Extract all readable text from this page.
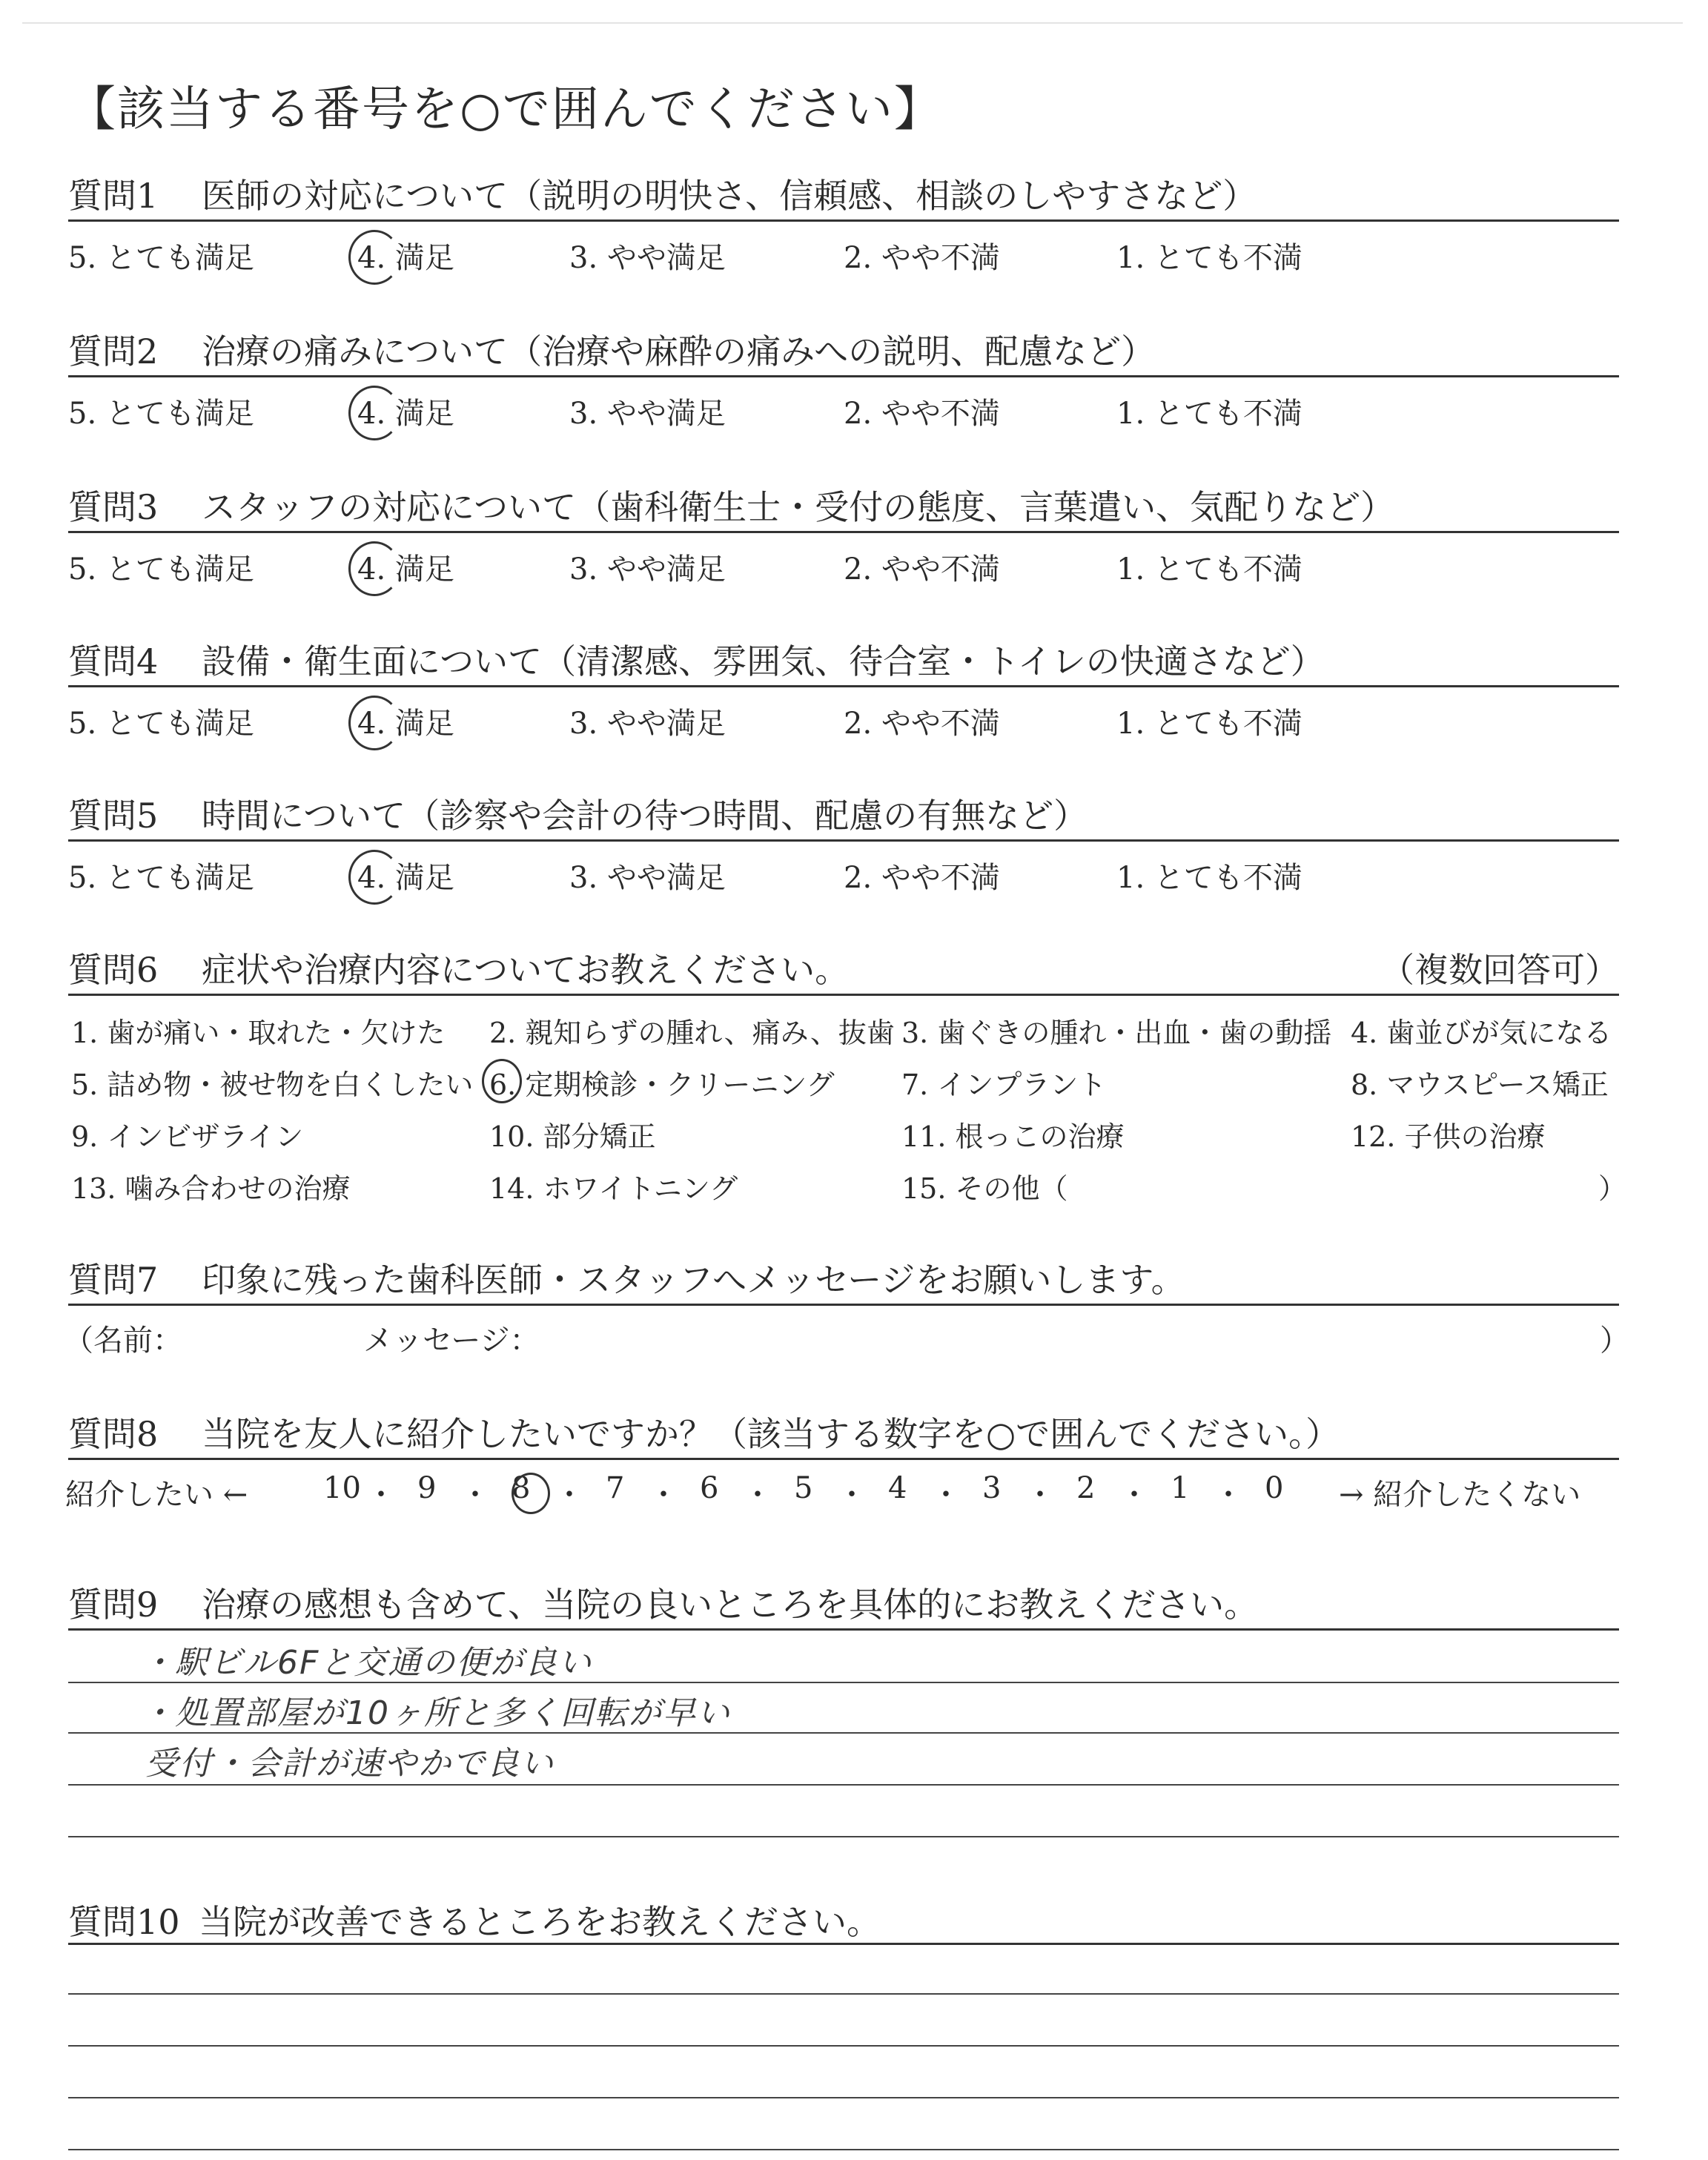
【該当する番号を○で囲んでください】
質問1 医師の対応について（説明の明快さ、信頼感、相談のしやすさなど）
5. とても満足	4. 満足	3. やや満足	2. やや不満	1. とても不満
質問2 治療の痛みについて（治療や麻酔の痛みへの説明、配慮など）
5. とても満足	4. 満足	3. やや満足	2. やや不満	1. とても不満
質問3 スタッフの対応について（歯科衛生士・受付の態度、言葉遣い、気配りなど）
5. とても満足	4. 満足	3. やや満足	2. やや不満	1. とても不満
質問4 設備・衛生面について（清潔感、雰囲気、待合室・トイレの快適さなど）
5. とても満足	4. 満足	3. やや満足	2. やや不満	1. とても不満
質問5 時間について（診察や会計の待つ時間、配慮の有無など）
5. とても満足	4. 満足	3. やや満足	2. やや不満	1. とても不満
質問6 症状や治療内容についてお教えください。	（複数回答可）
1. 歯が痛い・取れた・欠けた 2. 親知らずの腫れ、痛み、抜歯 3. 歯ぐきの腫れ・出血・歯の動揺 4. 歯並びが気になる
5. 詰め物・被せ物を白くしたい 6. 定期検診・クリーニング 7. インプラント	8. マウスピース矯正
9. インビザライン	10. 部分矯正	11. 根っこの治療	12. 子供の治療
13. 噛み合わせの治療	14. ホワイトニング	15. その他（	）
質問7 印象に残った歯科医師・スタッフへメッセージをお願いします。
（名前：	メッセージ：	）
質問8 当院を友人に紹介したいですか？（該当する数字を○で囲んでください。）
紹介したい ←	→ 紹介したくない
10 ・ 9 ・ 8 ・ 7 ・ 6 ・ 5 ・ 4 ・ 3 ・ 2 ・ 1 ・ 0
質問9 治療の感想も含めて、当院の良いところを具体的にお教えください。
・駅ビル6Fと交通の便が良い
・処置部屋が10ヶ所と多く回転が早い
受付・会計が速やかで良い
質問10 当院が改善できるところをお教えください。
